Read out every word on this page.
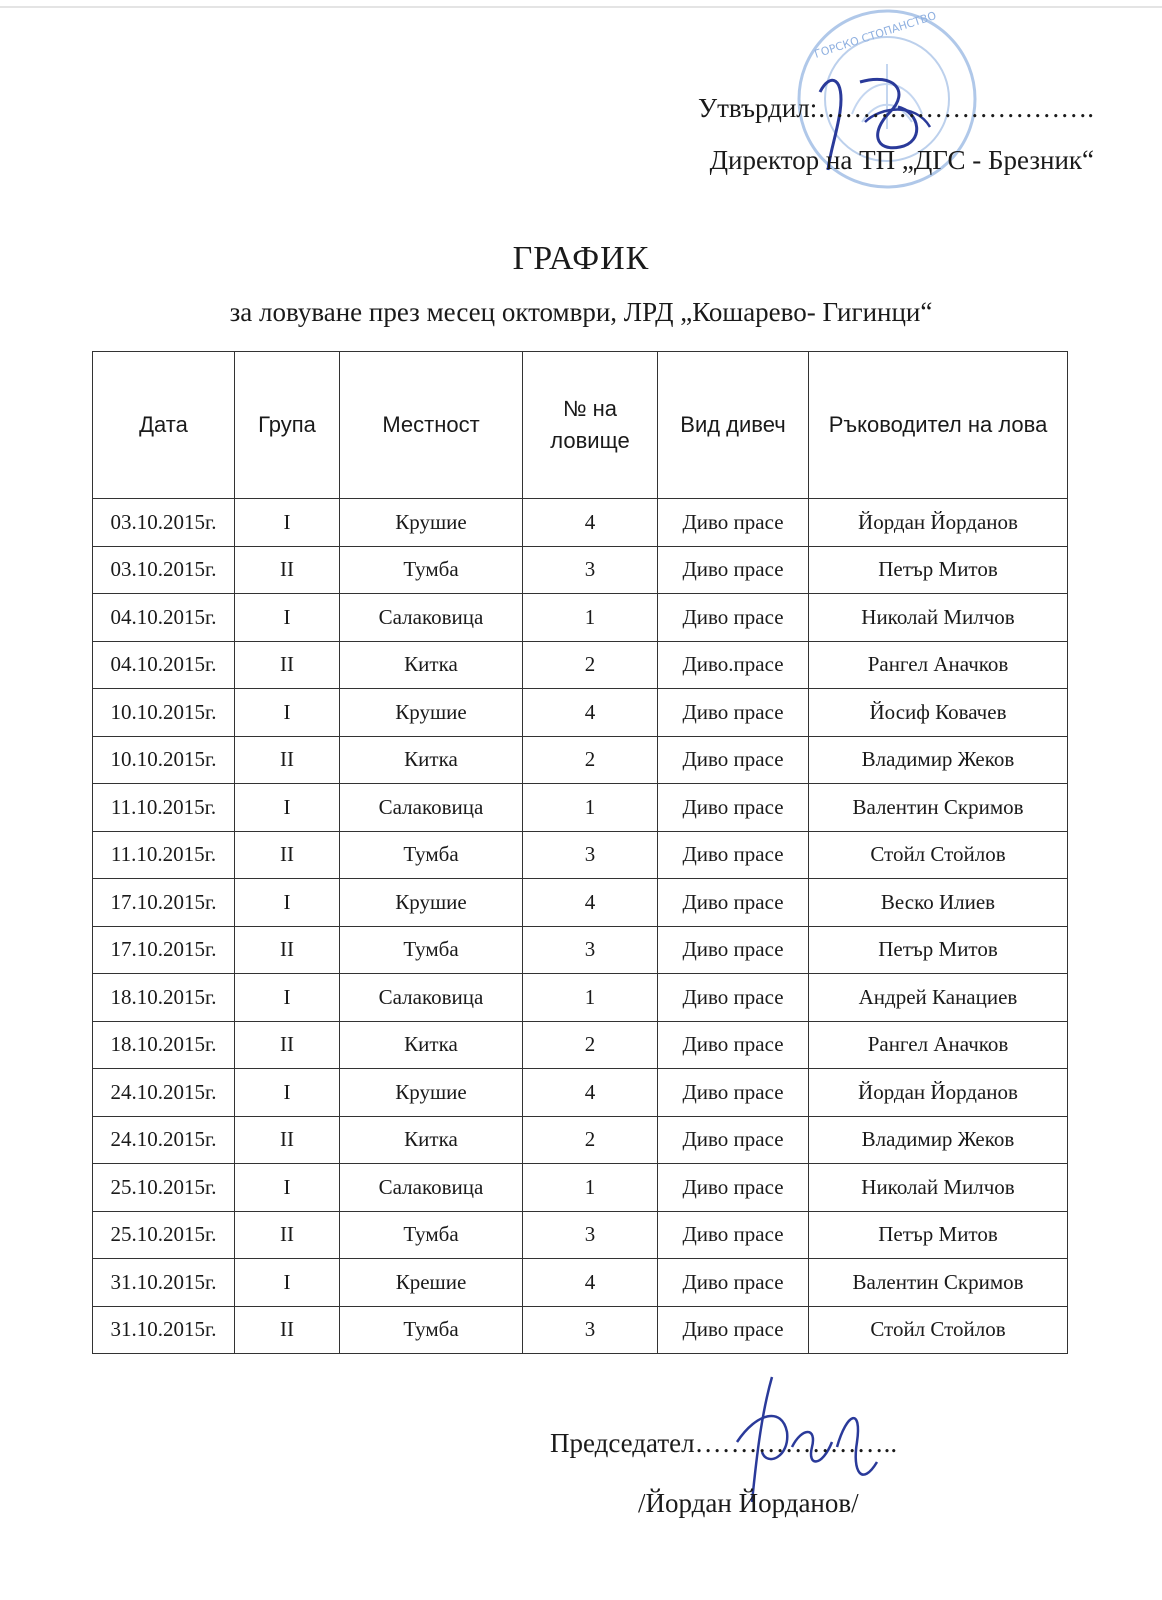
ГОРСКО СТОПАНСТВО
Утвърдил:………………………….
Директор на ТП „ДГС - Брезник“
ГРАФИК
за ловуване през месец октомври, ЛРД „Кошарево- Гигинци“
Дата	Група	Местност	№ на ловище	Вид дивеч	Ръководител на лова
03.10.2015г.	I	Крушие	4	Диво прасе	Йордан Йорданов
03.10.2015г.	II	Тумба	3	Диво прасе	Петър Митов
04.10.2015г.	I	Салаковица	1	Диво прасе	Николай Милчов
04.10.2015г.	II	Китка	2	Диво.прасе	Рангел Аначков
10.10.2015г.	I	Крушие	4	Диво прасе	Йосиф Ковачев
10.10.2015г.	II	Китка	2	Диво прасе	Владимир Жеков
11.10.2015г.	I	Салаковица	1	Диво прасе	Валентин Скримов
11.10.2015г.	II	Тумба	3	Диво прасе	Стойл Стойлов
17.10.2015г.	I	Крушие	4	Диво прасе	Веско Илиев
17.10.2015г.	II	Тумба	3	Диво прасе	Петър Митов
18.10.2015г.	I	Салаковица	1	Диво прасе	Андрей Канациев
18.10.2015г.	II	Китка	2	Диво прасе	Рангел Аначков
24.10.2015г.	I	Крушие	4	Диво прасе	Йордан Йорданов
24.10.2015г.	II	Китка	2	Диво прасе	Владимир Жеков
25.10.2015г.	I	Салаковица	1	Диво прасе	Николай Милчов
25.10.2015г.	II	Тумба	3	Диво прасе	Петър Митов
31.10.2015г.	I	Крешие	4	Диво прасе	Валентин Скримов
31.10.2015г.	II	Тумба	3	Диво прасе	Стойл Стойлов
Председател…………………..
/Йордан Йорданов/
